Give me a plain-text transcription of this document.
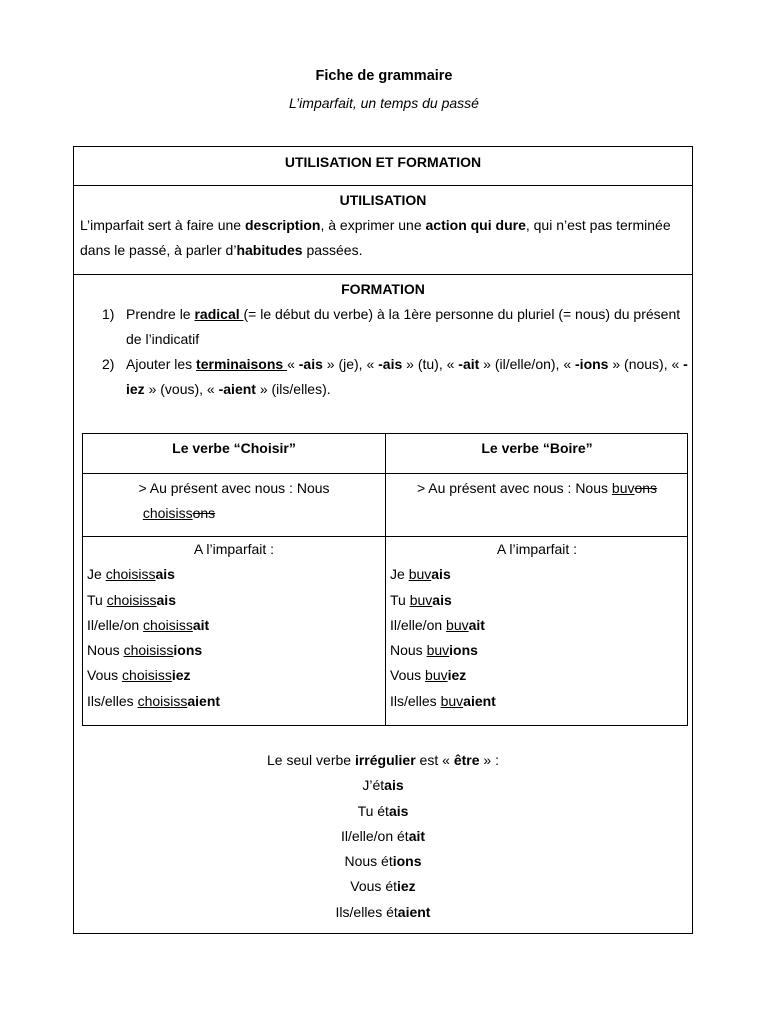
Fiche de grammaire
L’imparfait, un temps du passé
UTILISATION ET FORMATION
UTILISATION
L’imparfait sert à faire une description, à exprimer une action qui dure, qui n’est pas terminée dans le passé, à parler d’habitudes passées.
FORMATION
1) Prendre le radical (= le début du verbe) à la 1ère personne du pluriel (= nous) du présent de l’indicatif
2) Ajouter les terminaisons « -ais » (je), « -ais » (tu), « -ait » (il/elle/on), « -ions » (nous), « -iez » (vous), « -aient » (ils/elles).
Le verbe “Choisir”	Le verbe “Boire”
> Au présent avec nous : Nous
choisissons
> Au présent avec nous : Nous buvons
A l’imparfait :
Je choisissais
Tu choisissais
Il/elle/on choisissait
Nous choisissions
Vous choisissiez
Ils/elles choisissaient
A l’imparfait :
Je buvais
Tu buvais
Il/elle/on buvait
Nous buvions
Vous buviez
Ils/elles buvaient
Le seul verbe irrégulier est « être » :
J’étais
Tu étais
Il/elle/on était
Nous étions
Vous étiez
Ils/elles étaient
